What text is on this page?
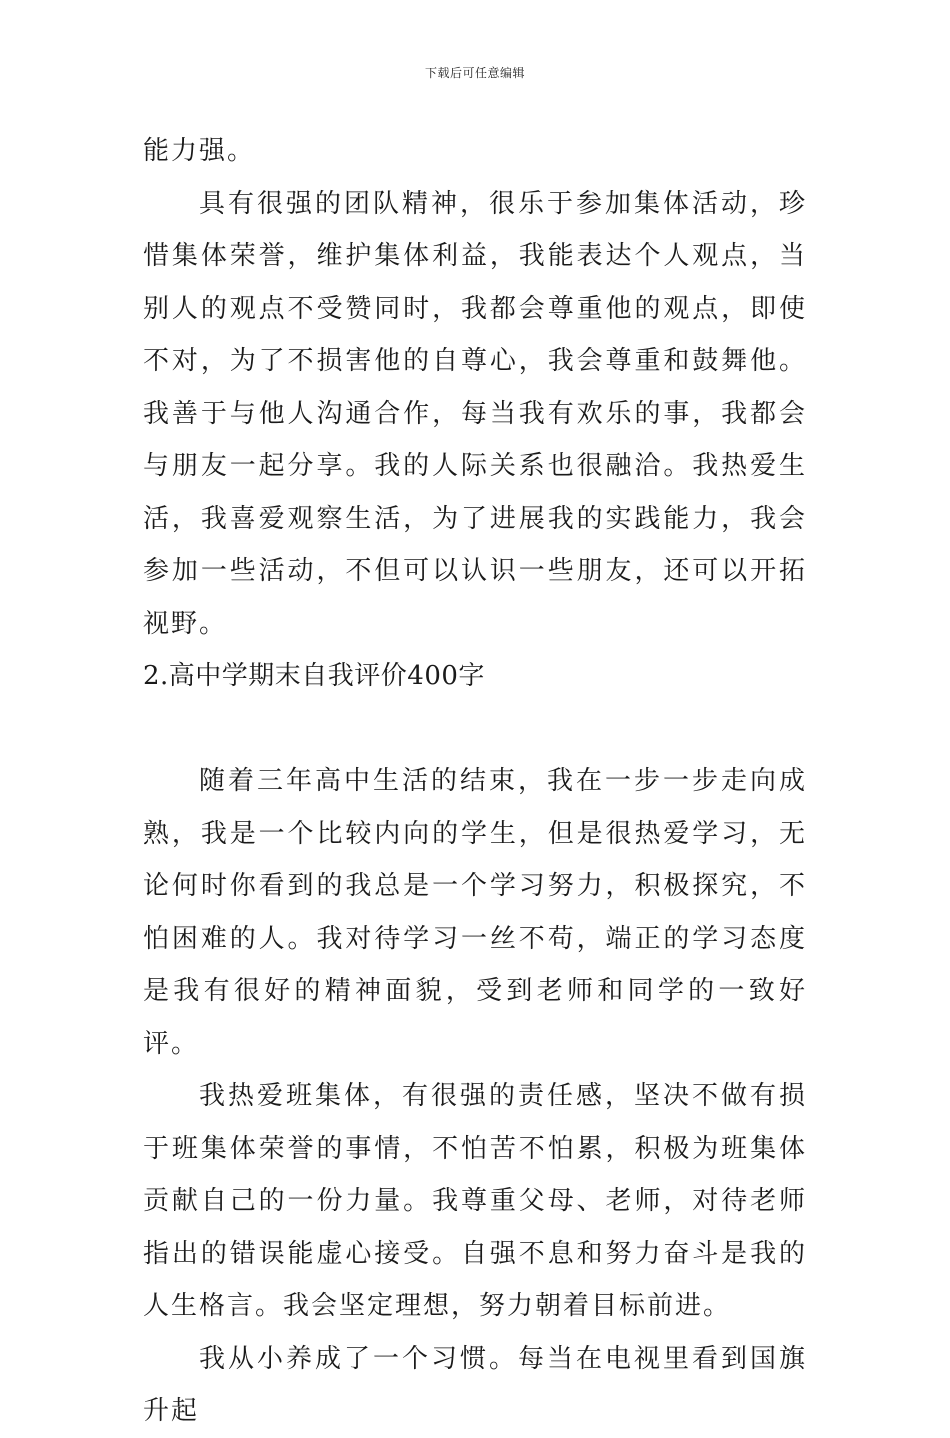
下载后可任意编辑

能力强。

具有很强的团队精神，很乐于参加集体活动，珍惜集体荣誉，维护集体利益，我能表达个人观点，当别人的观点不受赞同时，我都会尊重他的观点，即使不对，为了不损害他的自尊心，我会尊重和鼓舞他。我善于与他人沟通合作，每当我有欢乐的事，我都会与朋友一起分享。我的人际关系也很融洽。我热爱生活，我喜爱观察生活，为了进展我的实践能力，我会参加一些活动，不但可以认识一些朋友，还可以开拓视野。

2.高中学期末自我评价400字

随着三年高中生活的结束，我在一步一步走向成熟，我是一个比较内向的学生，但是很热爱学习，无论何时你看到的我总是一个学习努力，积极探究，不怕困难的人。我对待学习一丝不苟，端正的学习态度是我有很好的精神面貌，受到老师和同学的一致好评。

我热爱班集体，有很强的责任感，坚决不做有损于班集体荣誉的事情，不怕苦不怕累，积极为班集体贡献自己的一份力量。我尊重父母、老师，对待老师指出的错误能虚心接受。自强不息和努力奋斗是我的人生格言。我会坚定理想，努力朝着目标前进。

我从小养成了一个习惯。每当在电视里看到国旗升起
